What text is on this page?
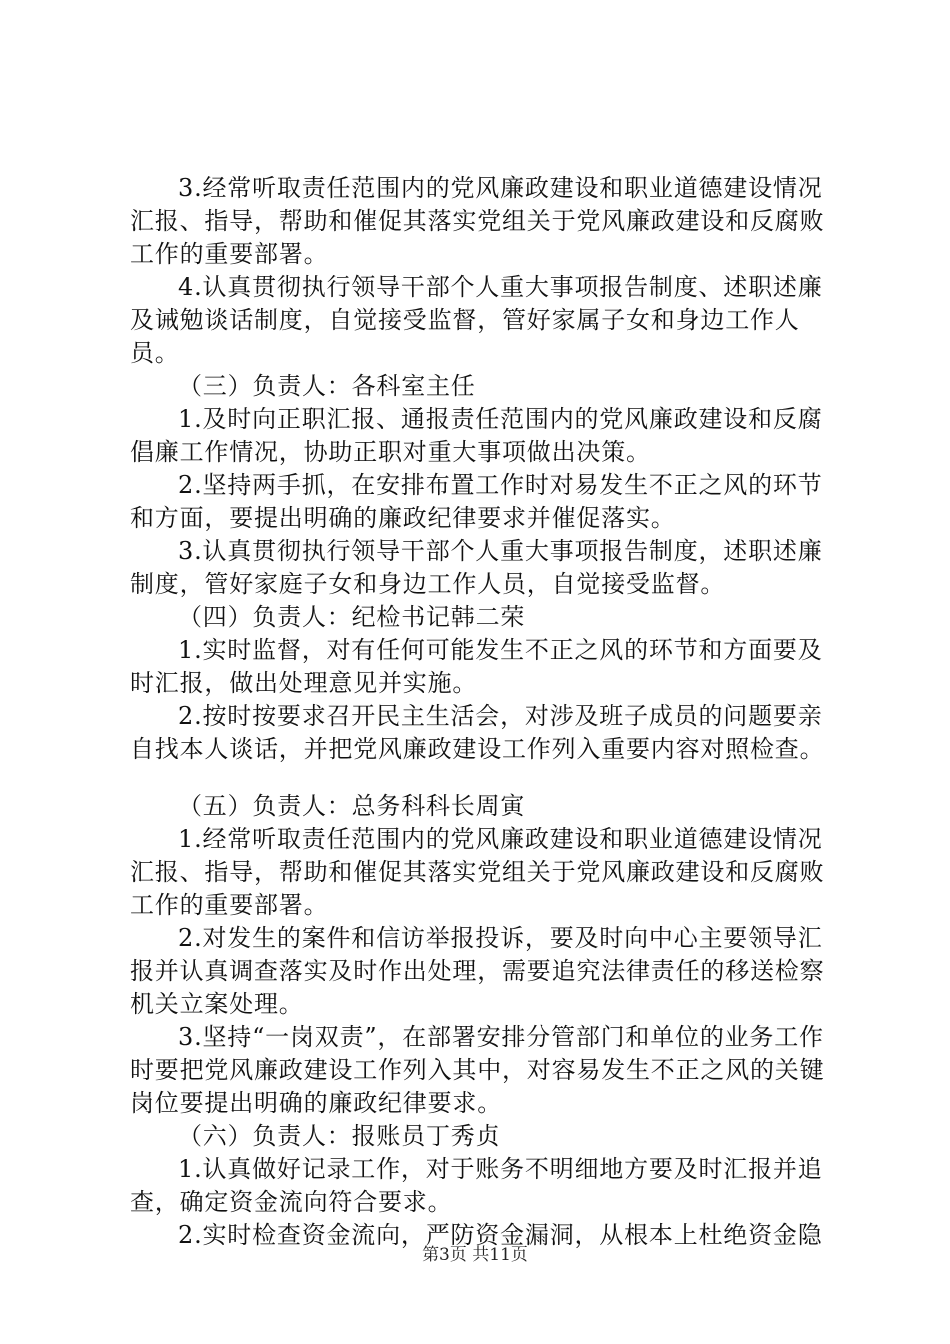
3.经常听取责任范围内的党风廉政建设和职业道德建设情况汇报、指导，帮助和催促其落实党组关于党风廉政建设和反腐败工作的重要部署。

4.认真贯彻执行领导干部个人重大事项报告制度、述职述廉及诫勉谈话制度，自觉接受监督，管好家属子女和身边工作人员。

（三）负责人：各科室主任

1.及时向正职汇报、通报责任范围内的党风廉政建设和反腐倡廉工作情况，协助正职对重大事项做出决策。

2.坚持两手抓，在安排布置工作时对易发生不正之风的环节和方面，要提出明确的廉政纪律要求并催促落实。

3.认真贯彻执行领导干部个人重大事项报告制度，述职述廉制度，管好家庭子女和身边工作人员，自觉接受监督。

（四）负责人：纪检书记韩二荣

1.实时监督，对有任何可能发生不正之风的环节和方面要及时汇报，做出处理意见并实施。

2.按时按要求召开民主生活会，对涉及班子成员的问题要亲自找本人谈话，并把党风廉政建设工作列入重要内容对照检查。

（五）负责人：总务科科长周寅

1.经常听取责任范围内的党风廉政建设和职业道德建设情况汇报、指导，帮助和催促其落实党组关于党风廉政建设和反腐败工作的重要部署。

2.对发生的案件和信访举报投诉，要及时向中心主要领导汇报并认真调查落实及时作出处理，需要追究法律责任的移送检察机关立案处理。

3.坚持“一岗双责”，在部署安排分管部门和单位的业务工作时要把党风廉政建设工作列入其中，对容易发生不正之风的关键岗位要提出明确的廉政纪律要求。

（六）负责人：报账员丁秀贞

1.认真做好记录工作，对于账务不明细地方要及时汇报并追查，确定资金流向符合要求。

2.实时检查资金流向，严防资金漏洞，从根本上杜绝资金隐

第3页 共11页
